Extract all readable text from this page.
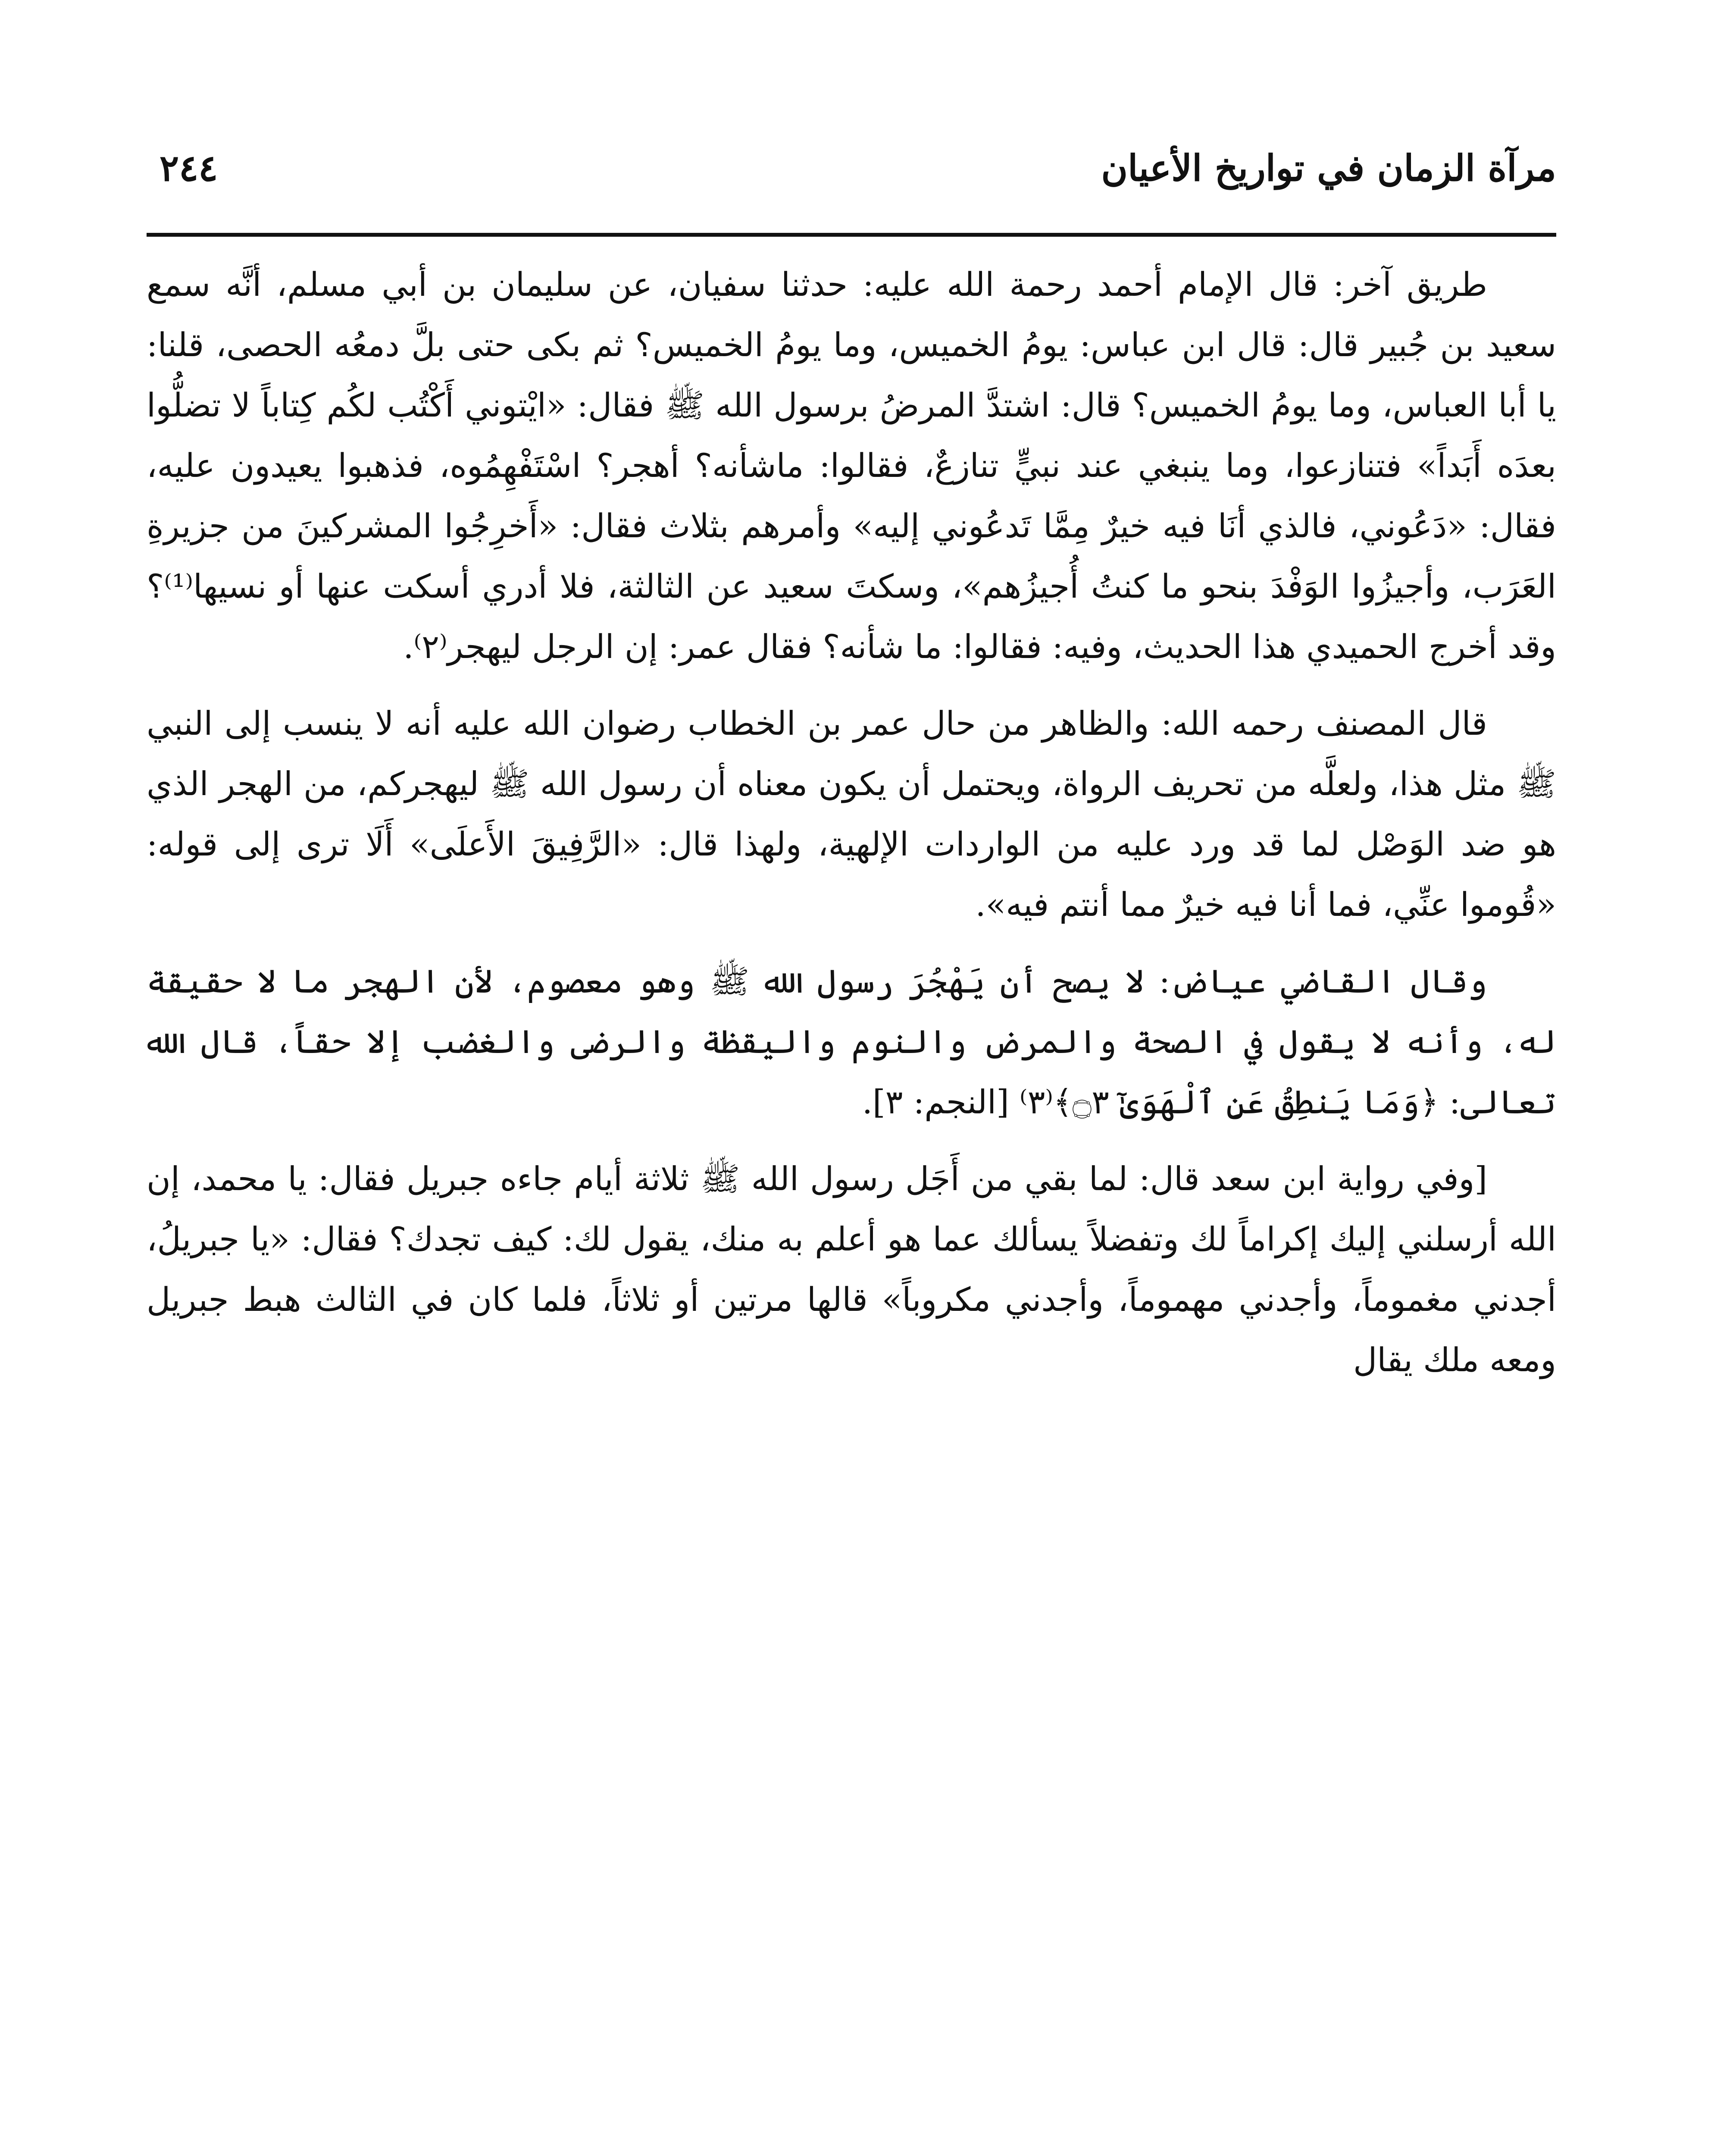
مرآة الزمان في تواريخ الأعيان
٢٤٤

طريق آخر: قال الإمام أحمد رحمة الله عليه: حدثنا سفيان، عن سليمان بن أبي مسلم، أنَّه سمع سعيد بن جُبير قال: قال ابن عباس: يومُ الخميس، وما يومُ الخميس؟ ثم بكى حتى بلَّ دمعُه الحصى، قلنا: يا أبا العباس، وما يومُ الخميس؟ قال: اشتدَّ المرضُ برسول الله ﷺ فقال: «ايْتوني أَكْتُب لكُم كِتاباً لا تضلُّوا بعدَه أَبَداً» فتنازعوا، وما ينبغي عند نبيٍّ تنازعٌ، فقالوا: ماشأنه؟ أهجر؟ اسْتَفْهِمُوه، فذهبوا يعيدون عليه، فقال: «دَعُوني، فالذي أنَا فيه خيرٌ مِمَّا تَدعُوني إليه» وأمرهم بثلاث فقال: «أَخرِجُوا المشركينَ من جزيرةِ العَرَب، وأجيزُوا الوَفْدَ بنحو ما كنتُ أُجيزُهم»، وسكتَ سعيد عن الثالثة، فلا أدري أسكت عنها أو نسيها⁽¹⁾؟ وقد أخرج الحميدي هذا الحديث، وفيه: فقالوا: ما شأنه؟ فقال عمر: إن الرجل ليهجر⁽٢⁾.

قال المصنف رحمه الله: والظاهر من حال عمر بن الخطاب رضوان الله عليه أنه لا ينسب إلى النبي ﷺ مثل هذا، ولعلَّه من تحريف الرواة، ويحتمل أن يكون معناه أن رسول الله ﷺ ليهجركم، من الهجر الذي هو ضد الوَصْل لما قد ورد عليه من الواردات الإلهية، ولهذا قال: «الرَّفِيقَ الأَعلَى» أَلَا ترى إلى قوله: «قُوموا عنِّي، فما أنا فيه خيرٌ مما أنتم فيه».

وقال القاضي عياض: لا يصح أن يَهْجُرَ رسول الله ﷺ وهو معصوم، لأن الهجر ما لا حقيقة له، وأنه لا يقول في الصحة والمرض والنوم واليقظة والرضى والغضب إلا حقاً، قال الله تعالى: ﴿وَمَا يَنطِقُ عَنِ ٱلْهَوَىٰٓ ۝٣﴾⁽٣⁾ [النجم: ٣].

[وفي رواية ابن سعد قال: لما بقي من أَجَل رسول الله ﷺ ثلاثة أيام جاءه جبريل فقال: يا محمد، إن الله أرسلني إليك إكراماً لك وتفضلاً يسألك عما هو أعلم به منك، يقول لك: كيف تجدك؟ فقال: «يا جبريلُ، أجدني مغموماً، وأجدني مهموماً، وأجدني مكروباً» قالها مرتين أو ثلاثاً، فلما كان في الثالث هبط جبريل ومعه ملك يقال
